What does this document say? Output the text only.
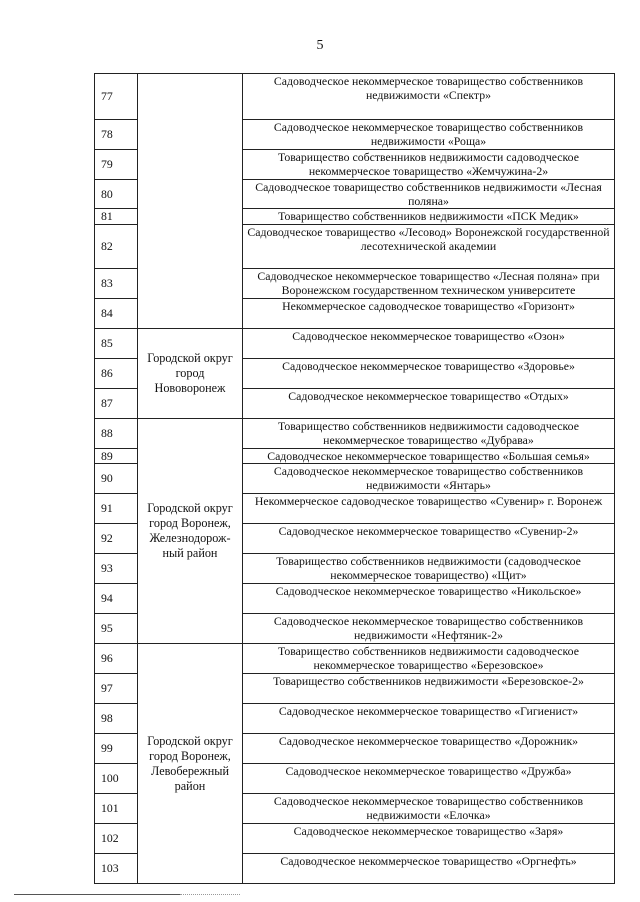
5
77		Садоводческое некоммерческое товарищество собственников недвижимости «Спектр»
78		Садоводческое некоммерческое товарищество собственников недвижимости «Роща»
79		Товарищество собственников недвижимости садоводческое некоммерческое товарищество «Жемчужина-2»
80		Садоводческое товарищество собственников недвижимости «Лесная поляна»
81		Товарищество собственников недвижимости «ПСК Медик»
82		Садоводческое товарищество «Лесовод» Воронежской государственной лесотехнической академии
83		Садоводческое некоммерческое товарищество «Лесная поляна» при Воронежском государственном техническом университете
84		Некоммерческое садоводческое товарищество «Горизонт»
85	Городской округ город Нововоронеж	Садоводческое некоммерческое товарищество «Озон»
86		Садоводческое некоммерческое товарищество «Здоровье»
87		Садоводческое некоммерческое товарищество «Отдых»
88	Городской округ город Воронеж, Железнодорож-ный район	Товарищество собственников недвижимости садоводческое некоммерческое товарищество «Дубрава»
89		Садоводческое некоммерческое товарищество «Большая семья»
90		Садоводческое некоммерческое товарищество собственников недвижимости «Янтарь»
91		Некоммерческое садоводческое товарищество «Сувенир» г. Воронеж
92		Садоводческое некоммерческое товарищество «Сувенир-2»
93		Товарищество собственников недвижимости (садоводческое некоммерческое товарищество) «Щит»
94		Садоводческое некоммерческое товарищество «Никольское»
95		Садоводческое некоммерческое товарищество собственников недвижимости «Нефтяник-2»
96	Городской округ город Воронеж, Левобережный район	Товарищество собственников недвижимости садоводческое некоммерческое товарищество «Березовское»
97		Товарищество собственников недвижимости «Березовское-2»
98		Садоводческое некоммерческое товарищество «Гигиенист»
99		Садоводческое некоммерческое товарищество «Дорожник»
100		Садоводческое некоммерческое товарищество «Дружба»
101		Садоводческое некоммерческое товарищество собственников недвижимости «Елочка»
102		Садоводческое некоммерческое товарищество «Заря»
103		Садоводческое некоммерческое товарищество «Оргнефть»
